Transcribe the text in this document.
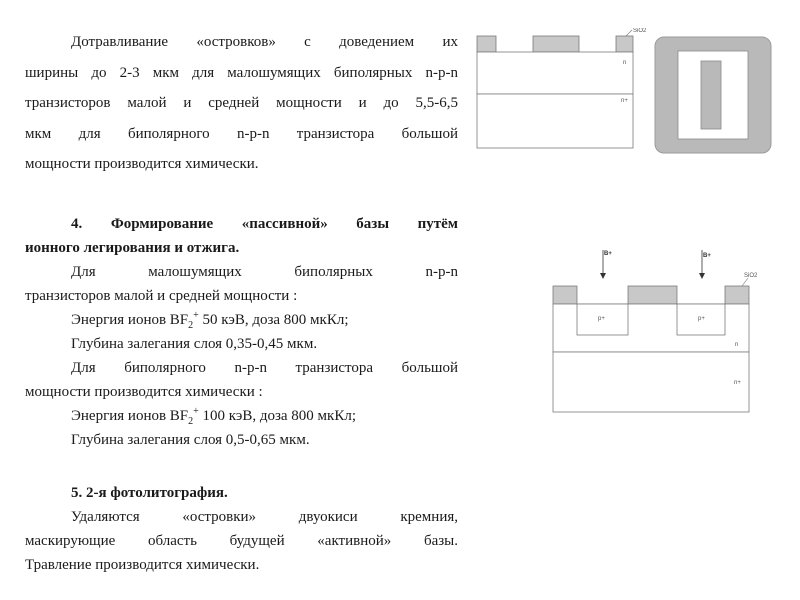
Дотравливание «островков» с доведением их
ширины до 2-3 мкм для малошумящих биполярных n-p-n
транзисторов малой и средней мощности и до 5,5-6,5
мкм для биполярного n-p-n транзистора большой
мощности производится химически.
4. Формирование «пассивной» базы путём
ионного легирования и отжига.
Для малошумящих биполярных n-p-n
транзисторов малой и средней мощности :
Энергия ионов $BF_2^+$ 50 кэВ, доза 800 мкКл;
Глубина залегания слоя 0,35-0,45 мкм.
Для биполярного n-p-n транзистора большой
мощности производится химически :
Энергия ионов $BF_2^+$ 100 кэВ, доза 800 мкКл;
Глубина залегания слоя 0,5-0,65 мкм.
5. 2-я фотолитография.
Удаляются «островки» двуокиси кремния,
маскирующие область будущей «активной» базы.
Травление производится химически.
SiO2
n
n+
B+	B+
SiO2
p+	p+
n
n+
